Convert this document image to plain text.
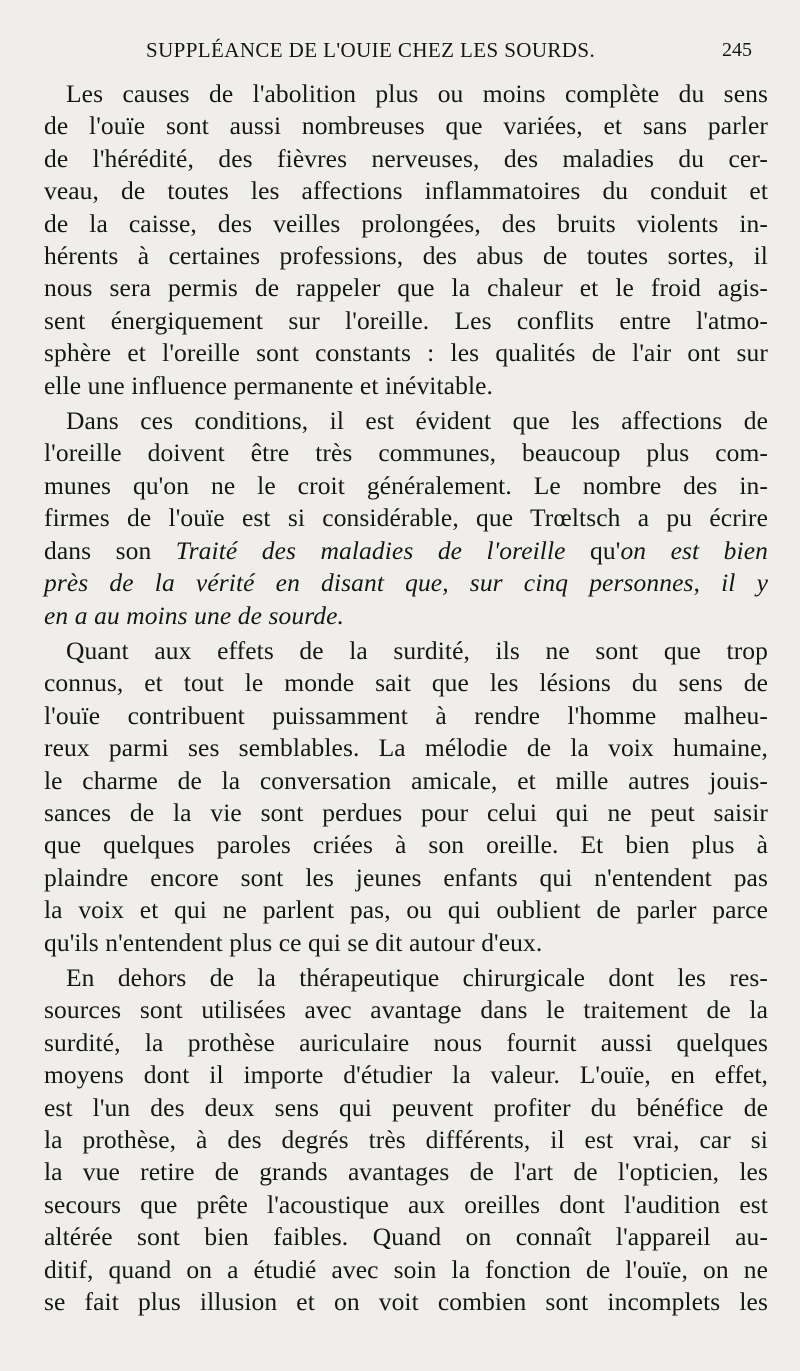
SUPPLÉANCE DE L'OUIE CHEZ LES SOURDS.	245

Les causes de l'abolition plus ou moins complète du sens
de l'ouïe sont aussi nombreuses que variées, et sans parler
de l'hérédité, des fièvres nerveuses, des maladies du cer-
veau, de toutes les affections inflammatoires du conduit et
de la caisse, des veilles prolongées, des bruits violents in-
hérents à certaines professions, des abus de toutes sortes, il
nous sera permis de rappeler que la chaleur et le froid agis-
sent énergiquement sur l'oreille. Les conflits entre l'atmo-
sphère et l'oreille sont constants : les qualités de l'air ont sur
elle une influence permanente et inévitable.

Dans ces conditions, il est évident que les affections de
l'oreille doivent être très communes, beaucoup plus com-
munes qu'on ne le croit généralement. Le nombre des in-
firmes de l'ouïe est si considérable, que Trœltsch a pu écrire
dans son Traité des maladies de l'oreille qu'on est bien
près de la vérité en disant que, sur cinq personnes, il y
en a au moins une de sourde.

Quant aux effets de la surdité, ils ne sont que trop
connus, et tout le monde sait que les lésions du sens de
l'ouïe contribuent puissamment à rendre l'homme malheu-
reux parmi ses semblables. La mélodie de la voix humaine,
le charme de la conversation amicale, et mille autres jouis-
sances de la vie sont perdues pour celui qui ne peut saisir
que quelques paroles criées à son oreille. Et bien plus à
plaindre encore sont les jeunes enfants qui n'entendent pas
la voix et qui ne parlent pas, ou qui oublient de parler parce
qu'ils n'entendent plus ce qui se dit autour d'eux.

En dehors de la thérapeutique chirurgicale dont les res-
sources sont utilisées avec avantage dans le traitement de la
surdité, la prothèse auriculaire nous fournit aussi quelques
moyens dont il importe d'étudier la valeur. L'ouïe, en effet,
est l'un des deux sens qui peuvent profiter du bénéfice de
la prothèse, à des degrés très différents, il est vrai, car si
la vue retire de grands avantages de l'art de l'opticien, les
secours que prête l'acoustique aux oreilles dont l'audition est
altérée sont bien faibles. Quand on connaît l'appareil au-
ditif, quand on a étudié avec soin la fonction de l'ouïe, on ne
se fait plus illusion et on voit combien sont incomplets les
